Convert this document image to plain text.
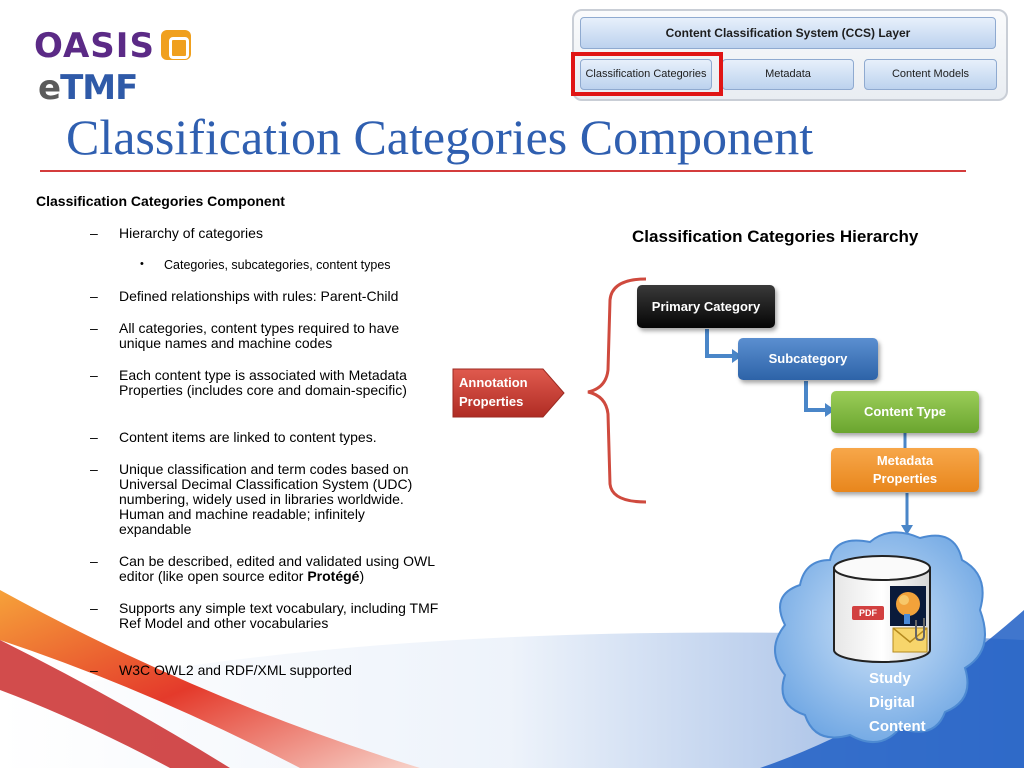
OASIS
eTMF
Classification Categories Component
Content Classification System (CCS) Layer
Classification Categories	Metadata	Content Models
Classification Categories Component
– Hierarchy of categories
• Categories, subcategories, content types
– Defined relationships with rules: Parent-Child
– All categories, content types required to have unique names and machine codes
– Each content type is associated with Metadata Properties (includes core and domain-specific)
– Content items are linked to content types.
– Unique classification and term codes based on Universal Decimal Classification System (UDC) numbering, widely used in libraries worldwide. Human and machine readable; infinitely expandable
– Can be described, edited and validated using OWL editor (like open source editor Protégé)
– Supports any simple text vocabulary, including TMF Ref Model and other vocabularies
– W3C OWL2 and RDF/XML supported
Classification Categories Hierarchy
Annotation
Properties
Primary Category
Subcategory
Content Type
Metadata
Properties
PDF
Study
Digital
Content
